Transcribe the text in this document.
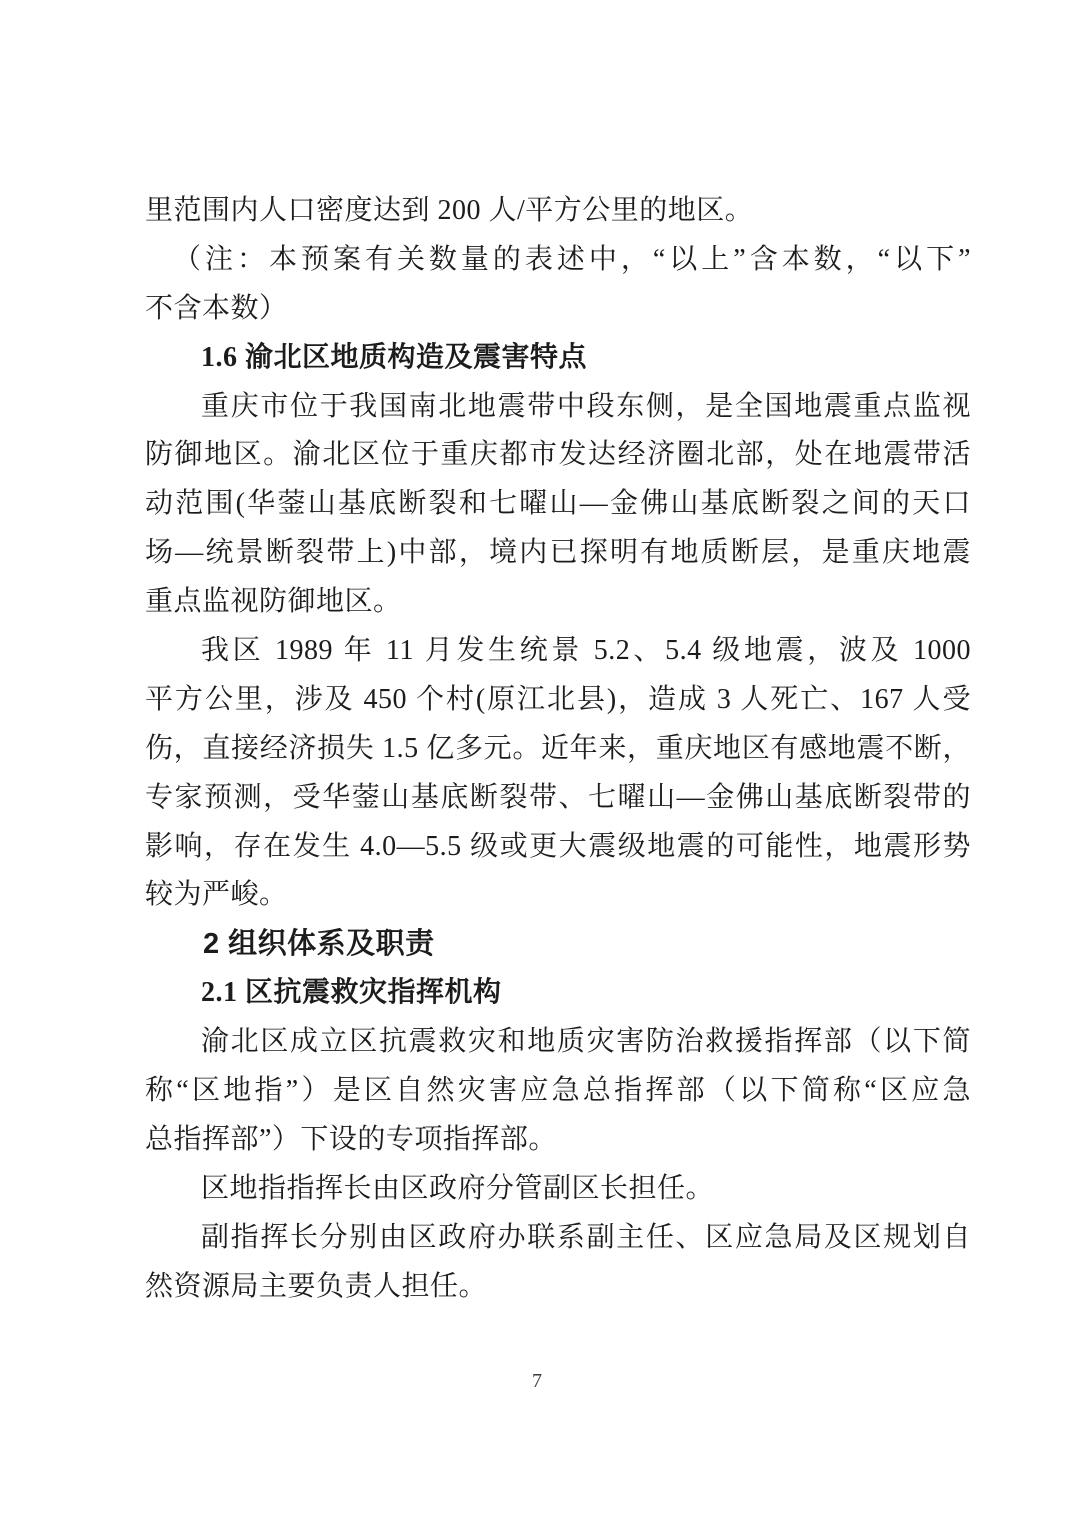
里范围内人口密度达到 200 人/平方公里的地区。
（注：本预案有关数量的表述中，“以上”含本数，“以下”
不含本数）
1.6 渝北区地质构造及震害特点
重庆市位于我国南北地震带中段东侧，是全国地震重点监视
防御地区。渝北区位于重庆都市发达经济圈北部，处在地震带活
动范围(华蓥山基底断裂和七曜山—金佛山基底断裂之间的天口
场—统景断裂带上)中部，境内已探明有地质断层，是重庆地震
重点监视防御地区。
我区 1989 年 11 月发生统景 5.2、5.4 级地震，波及 1000
平方公里，涉及 450 个村(原江北县)，造成 3 人死亡、167 人受
伤，直接经济损失 1.5 亿多元。近年来，重庆地区有感地震不断，
专家预测，受华蓥山基底断裂带、七曜山—金佛山基底断裂带的
影响，存在发生 4.0—5.5 级或更大震级地震的可能性，地震形势
较为严峻。
2 组织体系及职责
2.1 区抗震救灾指挥机构
渝北区成立区抗震救灾和地质灾害防治救援指挥部（以下简
称“区地指”）是区自然灾害应急总指挥部（以下简称“区应急
总指挥部”）下设的专项指挥部。
区地指指挥长由区政府分管副区长担任。
副指挥长分别由区政府办联系副主任、区应急局及区规划自
然资源局主要负责人担任。
7
